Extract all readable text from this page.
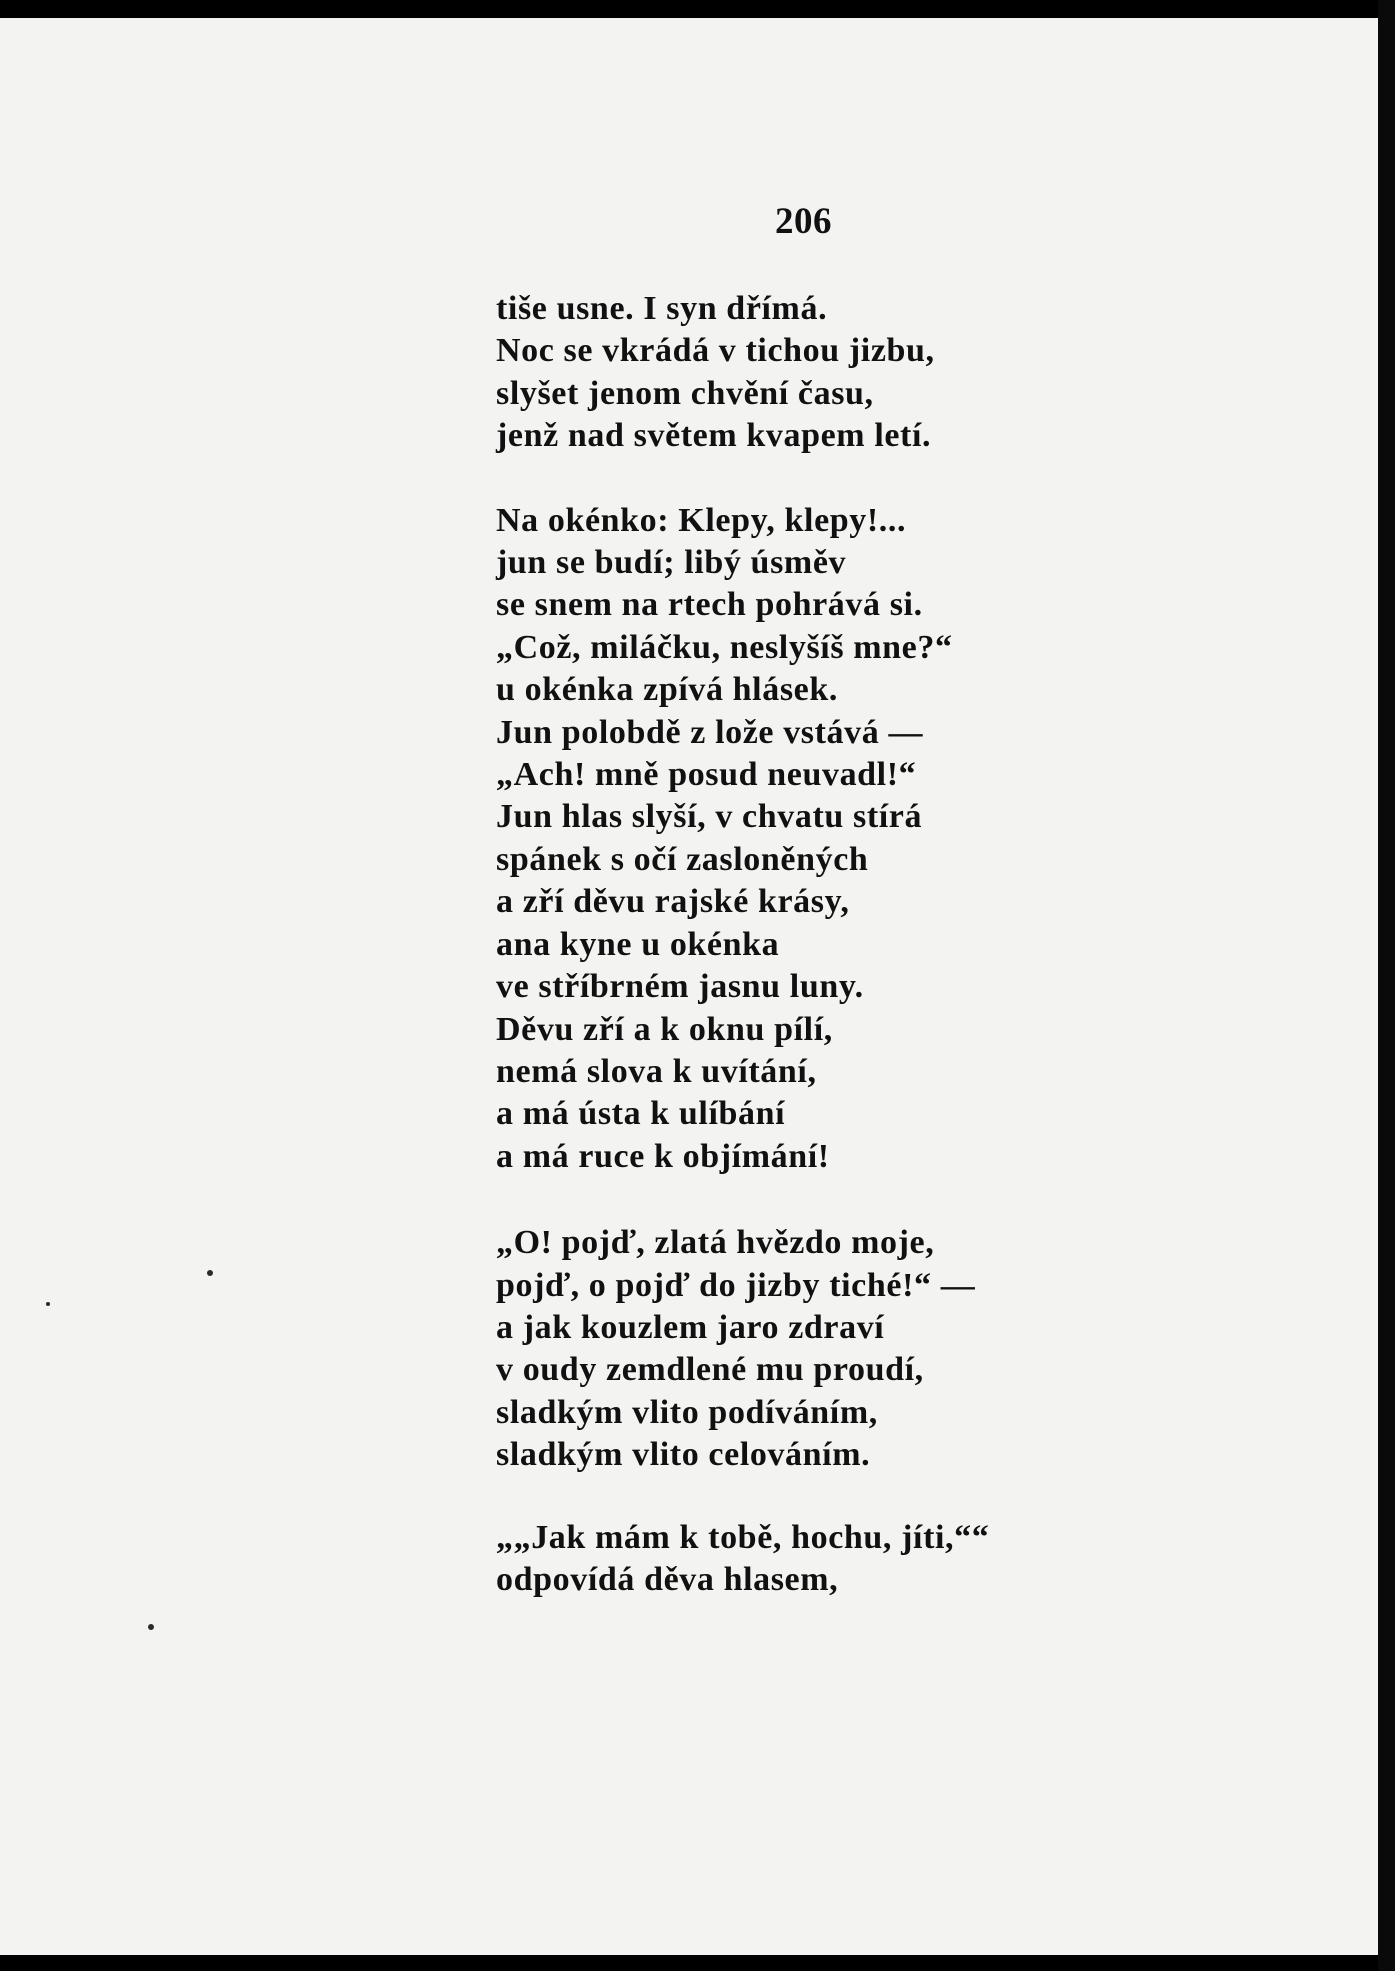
206
tiše usne. I syn dřímá.
Noc se vkrádá v tichou jizbu,
slyšet jenom chvění času,
jenž nad světem kvapem letí.
Na okénko: Klepy, klepy!...
jun se budí; libý úsměv
se snem na rtech pohrává si.
„Což, miláčku, neslyšíš mne?“
u okénka zpívá hlásek.
Jun polobdě z lože vstává —
„Ach! mně posud neuvadl!“
Jun hlas slyší, v chvatu stírá
spánek s očí zasloněných
a zří děvu rajské krásy,
ana kyne u okénka
ve stříbrném jasnu luny.
Děvu zří a k oknu pílí,
nemá slova k uvítání,
a má ústa k ulíbání
a má ruce k objímání!
„O! pojď, zlatá hvězdo moje,
pojď, o pojď do jizby tiché!“ —
a jak kouzlem jaro zdraví
v oudy zemdlené mu proudí,
sladkým vlito podíváním,
sladkým vlito celováním.
„„Jak mám k tobě, hochu, jíti,““
odpovídá děva hlasem,
